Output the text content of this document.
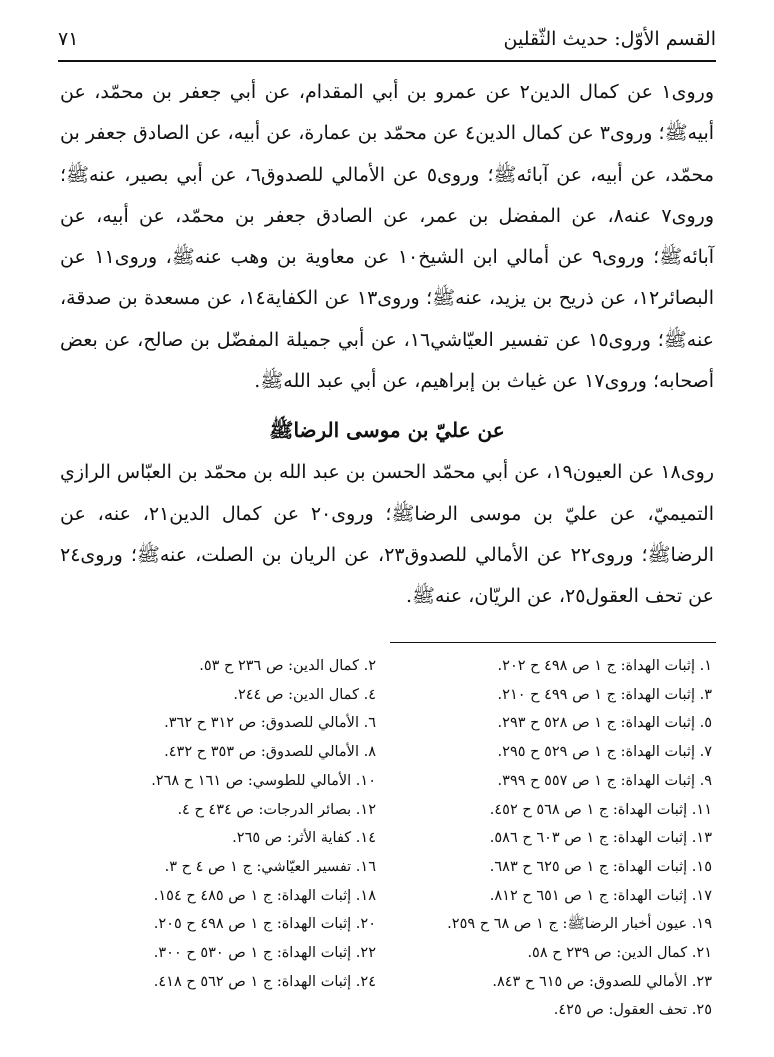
القسم الأوّل: حديث الثّقلين
٧١

وروى١ عن كمال الدين٢ عن عمرو بن أبي المقدام، عن أبي جعفر بن محمّد، عن أبيهﷺ؛ وروى٣ عن كمال الدين٤ عن محمّد بن عمارة، عن أبيه، عن الصادق جعفر بن محمّد، عن أبيه، عن آبائهﷺ؛ وروى٥ عن الأمالي للصدوق٦، عن أبي بصير، عنهﷺ؛ وروى٧ عنه٨، عن المفضل بن عمر، عن الصادق جعفر بن محمّد، عن أبيه، عن آبائهﷺ؛ وروى٩ عن أمالي ابن الشيخ١٠ عن معاوية بن وهب عنهﷺ، وروى١١ عن البصائر١٢، عن ذريح بن يزيد، عنهﷺ؛ وروى١٣ عن الكفاية١٤، عن مسعدة بن صدقة، عنهﷺ؛ وروى١٥ عن تفسير العيّاشي١٦، عن أبي جميلة المفضّل بن صالح، عن بعض أصحابه؛ وروى١٧ عن غياث بن إبراهيم، عن أبي عبد اللهﷺ.

عن عليّ بن موسى الرضاﷺ

روى١٨ عن العيون١٩، عن أبي محمّد الحسن بن عبد الله بن محمّد بن العبّاس الرازي التميميّ، عن عليّ بن موسى الرضاﷺ؛ وروى٢٠ عن كمال الدين٢١، عنه، عن الرضاﷺ؛ وروى٢٢ عن الأمالي للصدوق٢٣، عن الريان بن الصلت، عنهﷺ؛ وروى٢٤ عن تحف العقول٢٥، عن الريّان، عنهﷺ.

١. إثبات الهداة: ج ١ ص ٤٩٨ ح ٢٠٢.
٢. كمال الدين: ص ٢٣٦ ح ٥٣.
٣. إثبات الهداة: ج ١ ص ٤٩٩ ح ٢١٠.
٤. كمال الدين: ص ٢٤٤.
٥. إثبات الهداة: ج ١ ص ٥٢٨ ح ٢٩٣.
٦. الأمالي للصدوق: ص ٣١٢ ح ٣٦٢.
٧. إثبات الهداة: ج ١ ص ٥٢٩ ح ٢٩٥.
٨. الأمالي للصدوق: ص ٣٥٣ ح ٤٣٢.
٩. إثبات الهداة: ج ١ ص ٥٥٧ ح ٣٩٩.
١٠. الأمالي للطوسي: ص ١٦١ ح ٢٦٨.
١١. إثبات الهداة: ج ١ ص ٥٦٨ ح ٤٥٢.
١٢. بصائر الدرجات: ص ٤٣٤ ح ٤.
١٣. إثبات الهداة: ج ١ ص ٦٠٣ ح ٥٨٦.
١٤. كفاية الأثر: ص ٢٦٥.
١٥. إثبات الهداة: ج ١ ص ٦٢٥ ح ٦٨٣.
١٦. تفسير العيّاشي: ج ١ ص ٤ ح ٣.
١٧. إثبات الهداة: ج ١ ص ٦٥١ ح ٨١٢.
١٨. إثبات الهداة: ج ١ ص ٤٨٥ ح ١٥٤.
١٩. عيون أخبار الرضاﷺ: ج ١ ص ٦٨ ح ٢٥٩.
٢٠. إثبات الهداة: ج ١ ص ٤٩٨ ح ٢٠٥.
٢١. كمال الدين: ص ٢٣٩ ح ٥٨.
٢٢. إثبات الهداة: ج ١ ص ٥٣٠ ح ٣٠٠.
٢٣. الأمالي للصدوق: ص ٦١٥ ح ٨٤٣.
٢٤. إثبات الهداة: ج ١ ص ٥٦٢ ح ٤١٨.
٢٥. تحف العقول: ص ٤٢٥.
